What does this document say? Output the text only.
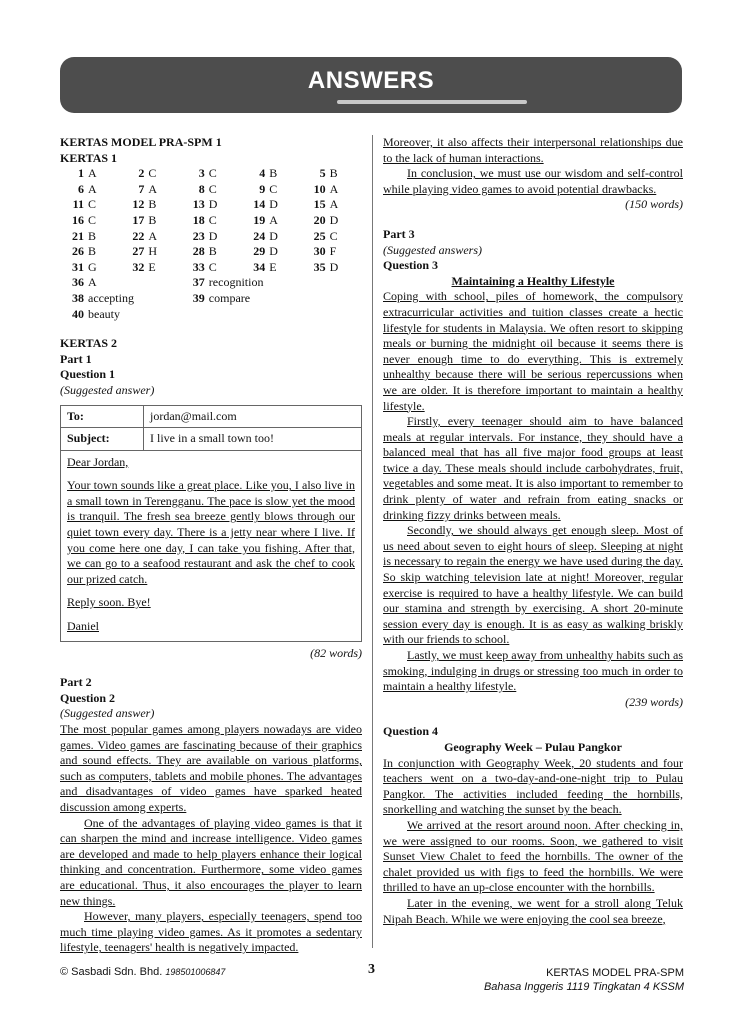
ANSWERS
KERTAS MODEL PRA-SPM 1
KERTAS 1
1 A	2 C	3 C	4 B	5 B
6 A	7 A	8 C	9 C	10 A
11 C	12 B	13 D	14 D	15 A
16 C	17 B	18 C	19 A	20 D
21 B	22 A	23 D	24 D	25 C
26 B	27 H	28 B	29 D	30 F
31 G	32 E	33 C	34 E	35 D
36 A	37 recognition
38 accepting	39 compare
40 beauty
KERTAS 2
Part 1
Question 1
(Suggested answer)
To:	jordan@mail.com
Subject:	I live in a small town too!

Dear Jordan,

Your town sounds like a great place. Like you, I also live in a small town in Terengganu. The pace is slow yet the mood is tranquil. The fresh sea breeze gently blows through our quiet town every day. There is a jetty near where I live. If you come here one day, I can take you fishing. After that, we can go to a seafood restaurant and ask the chef to cook our prized catch.

Reply soon. Bye!

Daniel

(82 words)
Part 2
Question 2
(Suggested answer)

The most popular games among players nowadays are video games. Video games are fascinating because of their graphics and sound effects. They are available on various platforms, such as computers, tablets and mobile phones. The advantages and disadvantages of video games have sparked heated discussion among experts.

One of the advantages of playing video games is that it can sharpen the mind and increase intelligence. Video games are developed and made to help players enhance their logical thinking and concentration. Furthermore, some video games are educational. Thus, it also encourages the player to learn new things.

However, many players, especially teenagers, spend too much time playing video games. As it promotes a sedentary lifestyle, teenagers' health is negatively impacted.

Moreover, it also affects their interpersonal relationships due to the lack of human interactions.

In conclusion, we must use our wisdom and self-control while playing video games to avoid potential drawbacks.

(150 words)
Part 3
(Suggested answers)
Question 3
Maintaining a Healthy Lifestyle

Coping with school, piles of homework, the compulsory extracurricular activities and tuition classes create a hectic lifestyle for students in Malaysia. We often resort to skipping meals or burning the midnight oil because it seems there is never enough time to do everything. This is extremely unhealthy because there will be serious repercussions when we are older. It is therefore important to maintain a healthy lifestyle.

Firstly, every teenager should aim to have balanced meals at regular intervals. For instance, they should have a balanced meal that has all five major food groups at least twice a day. These meals should include carbohydrates, fruit, vegetables and some meat. It is also important to remember to drink plenty of water and refrain from eating snacks or drinking fizzy drinks between meals.

Secondly, we should always get enough sleep. Most of us need about seven to eight hours of sleep. Sleeping at night is necessary to regain the energy we have used during the day. So skip watching television late at night! Moreover, regular exercise is required to have a healthy lifestyle. We can build our stamina and strength by exercising. A short 20-minute session every day is enough. It is as easy as walking briskly with our friends to school.

Lastly, we must keep away from unhealthy habits such as smoking, indulging in drugs or stressing too much in order to maintain a healthy lifestyle.

(239 words)
Question 4
Geography Week – Pulau Pangkor

In conjunction with Geography Week, 20 students and four teachers went on a two-day-and-one-night trip to Pulau Pangkor. The activities included feeding the hornbills, snorkelling and watching the sunset by the beach.

We arrived at the resort around noon. After checking in, we were assigned to our rooms. Soon, we gathered to visit Sunset View Chalet to feed the hornbills. The owner of the chalet provided us with figs to feed the hornbills. We were thrilled to have an up-close encounter with the hornbills.

Later in the evening, we went for a stroll along Teluk Nipah Beach. While we were enjoying the cool sea breeze,

© Sasbadi Sdn. Bhd. 198501006847	3	KERTAS MODEL PRA-SPM
Bahasa Inggeris 1119 Tingkatan 4 KSSM
